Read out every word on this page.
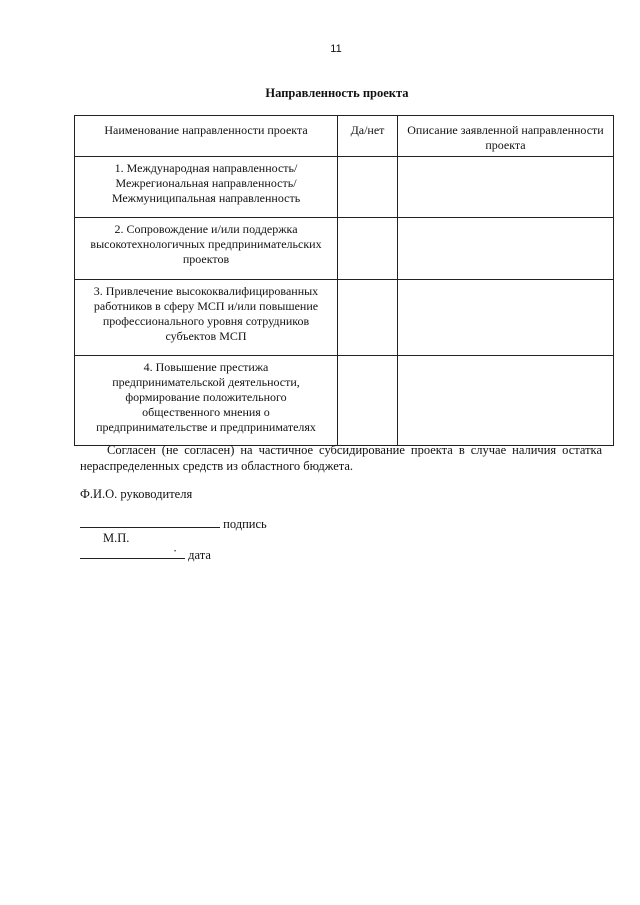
11
Направленность проекта
Наименование направленности проекта	Да/нет	Описание заявленной направленности проекта

1. Международная направленность/
Межрегиональная направленность/
Межмуниципальная направленность		

2. Сопровождение и/или поддержка
высокотехнологичных предпринимательских
проектов		

3. Привлечение высококвалифицированных
работников в сферу МСП и/или повышение
профессионального уровня сотрудников
субъектов МСП		

4. Повышение престижа
предпринимательской деятельности,
формирование положительного
общественного мнения о
предпринимательстве и предпринимателях		

Согласен (не согласен) на частичное субсидирование проекта в случае наличия остатка нераспределенных средств из областного бюджета.
Ф.И.О. руководителя
подпись
М.П.

· дата
